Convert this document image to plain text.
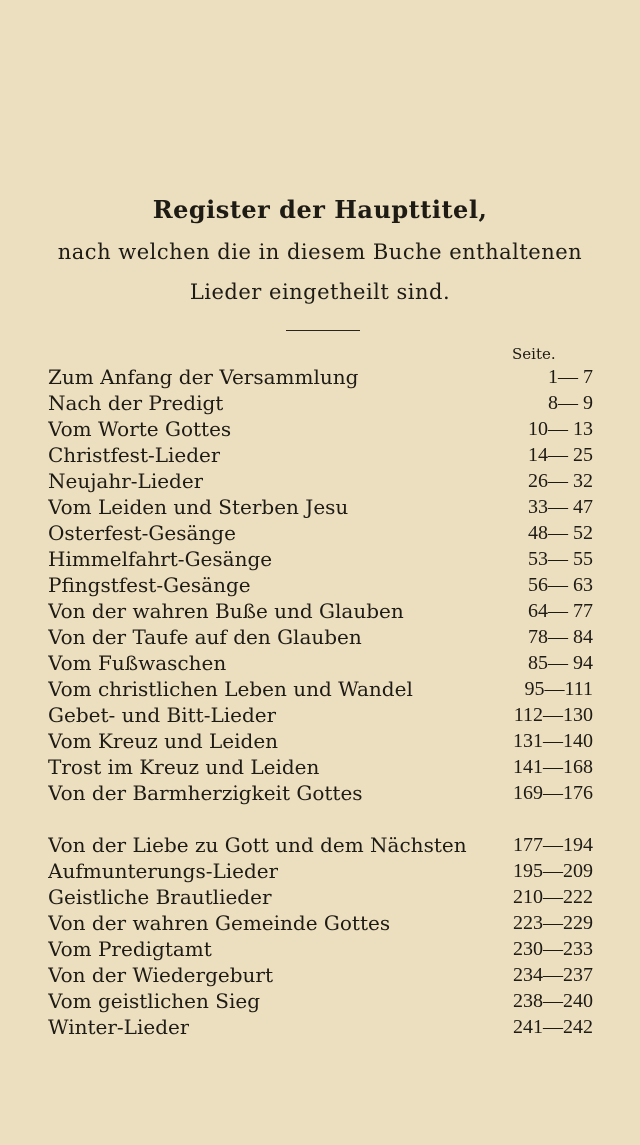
Register der Haupttitel,
nach welchen die in diesem Buche enthaltenen
Lieder eingetheilt sind.
Seite.
Zum Anfang der Versammlung	1— 7
Nach der Predigt	8— 9
Vom Worte Gottes	10— 13
Christfest-Lieder	14— 25
Neujahr-Lieder	26— 32
Vom Leiden und Sterben Jesu	33— 47
Osterfest-Gesänge	48— 52
Himmelfahrt-Gesänge	53— 55
Pfingstfest-Gesänge	56— 63
Von der wahren Buße und Glauben	64— 77
Von der Taufe auf den Glauben	78— 84
Vom Fußwaschen	85— 94
Vom christlichen Leben und Wandel	95—111
Gebet- und Bitt-Lieder	112—130
Vom Kreuz und Leiden	131—140
Trost im Kreuz und Leiden	141—168
Von der Barmherzigkeit Gottes	169—176
Von der Liebe zu Gott und dem Nächsten	177—194
Aufmunterungs-Lieder	195—209
Geistliche Brautlieder	210—222
Von der wahren Gemeinde Gottes	223—229
Vom Predigtamt	230—233
Von der Wiedergeburt	234—237
Vom geistlichen Sieg	238—240
Winter-Lieder	241—242
